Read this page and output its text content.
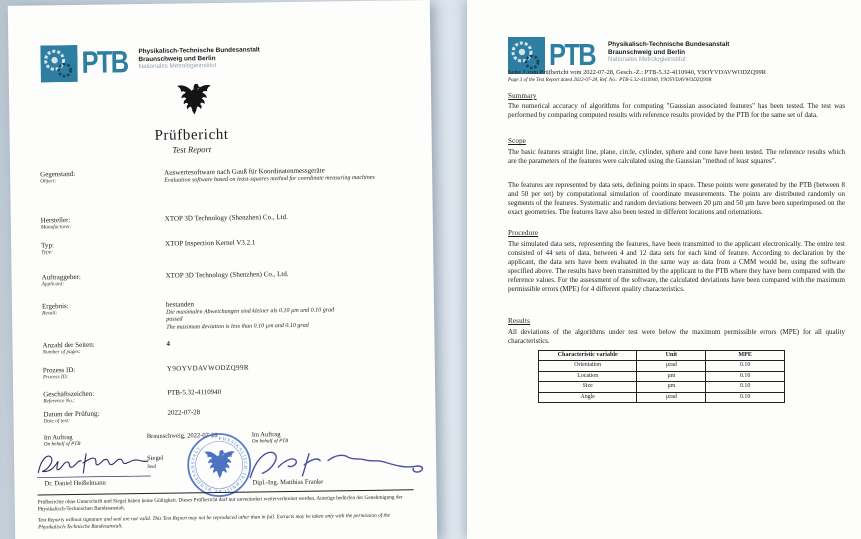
PTB Physikalisch-Technische Bundesanstalt
Braunschweig und Berlin
Nationales Metrologieinstitut
Prüfbericht
Test Report
Gegenstand:
Object:
Auswertesoftware nach Gauß für Koordinatenmessgeräte
Evaluation software based on least-squares method for coordinate measuring machines
Hersteller:
Manufacturer:
XTOP 3D Technology (Shenzhen) Co., Ltd.
Typ:
Type:
XTOP Inspection Kernel V3.2.1
Auftraggeber:
Applicant:
XTOP 3D Technology (Shenzhen) Co., Ltd.
Ergebnis:
Result:
bestanden
Die maximalen Abweichungen sind kleiner als 0.10 µm und 0.10 grad
passed
The maximum deviation is less than 0.10 µm and 0.10 grad
Anzahl der Seiten:
Number of pages:
4
Prozess ID:
Process ID:
Y9OYVDAVWODZQ99R
Geschäftszeichen:
Reference No.:
PTB-5.32-4110940
Datum der Prüfung:
Date of test:
2022-07-28
Im Auftrag
On behalf of PTB
Dr. Daniel Heißelmann
Braunschweig, 2022-07-28
Siegel
Seal
PHYSIKALISCH-TECHNISCHE BUNDESANSTALT
Im Auftrag
On behalf of PTB
Dipl.-Ing. Matthias Franke
Prüfberichte ohne Unterschrift und Siegel haben keine Gültigkeit. Dieser Prüfbericht darf nur unverändert weiterverbreitet werden. Auszüge bedürfen der Genehmigung der Physikalisch-Technischen Bundesanstalt.
Test Reports without signature and seal are not valid. This Test Report may not be reproduced other than in full. Extracts may be taken only with the permission of the Physikalisch-Technische Bundesanstalt.
PTB Physikalisch-Technische Bundesanstalt
Braunschweig und Berlin
Nationales Metrologieinstitut
Seite 3 zum Prüfbericht vom 2022-07-28, Gesch.-Z.: PTB-5.32-4110940, Y9OYVDAVWODZQ99R
Page 3 of the Test Report dated 2022-07-28, Ref. No.: PTB-5.32-4110940, Y9OYVDAVWODZQ99R
Summary
The numerical accuracy of algorithms for computing "Gaussian associated features" has been tested. The test was performed by comparing computed results with reference results provided by the PTB for the same set of data.
Scope
The basic features straight line, plane, circle, cylinder, sphere and cone have been tested. The reference results which are the parameters of the features were calculated using the Gaussian "method of least squares".
The features are represented by data sets, defining points in space. These points were generated by the PTB (between 8 and 50 per set) by computational simulation of coordinate measurements. The points are distributed randomly on segments of the features. Systematic and random deviations between 20 µm and 50 µm have been superimposed on the exact geometries. The features have also been tested in different locations and orientations.
Procedure
The simulated data sets, representing the features, have been transmitted to the applicant electronically. The entire test consisted of 44 sets of data, between 4 and 12 data sets for each kind of feature. According to declaration by the applicant, the data sets have been evaluated in the same way as data from a CMM would be, using the software specified above. The results have been transmitted by the applicant to the PTB where they have been compared with the reference values. For the assessment of the software, the calculated deviations have been compared with the maximum permissible errors (MPE) for 4 different quality characteristics.
Results
All deviations of the algorithms under test were below the maximum permissible errors (MPE) for all quality characteristics.
Characteristic variable	Unit	MPE
Orientation	µrad	0.10
Location	µm	0.10
Size	µm	0.10
Angle	µrad	0.10
